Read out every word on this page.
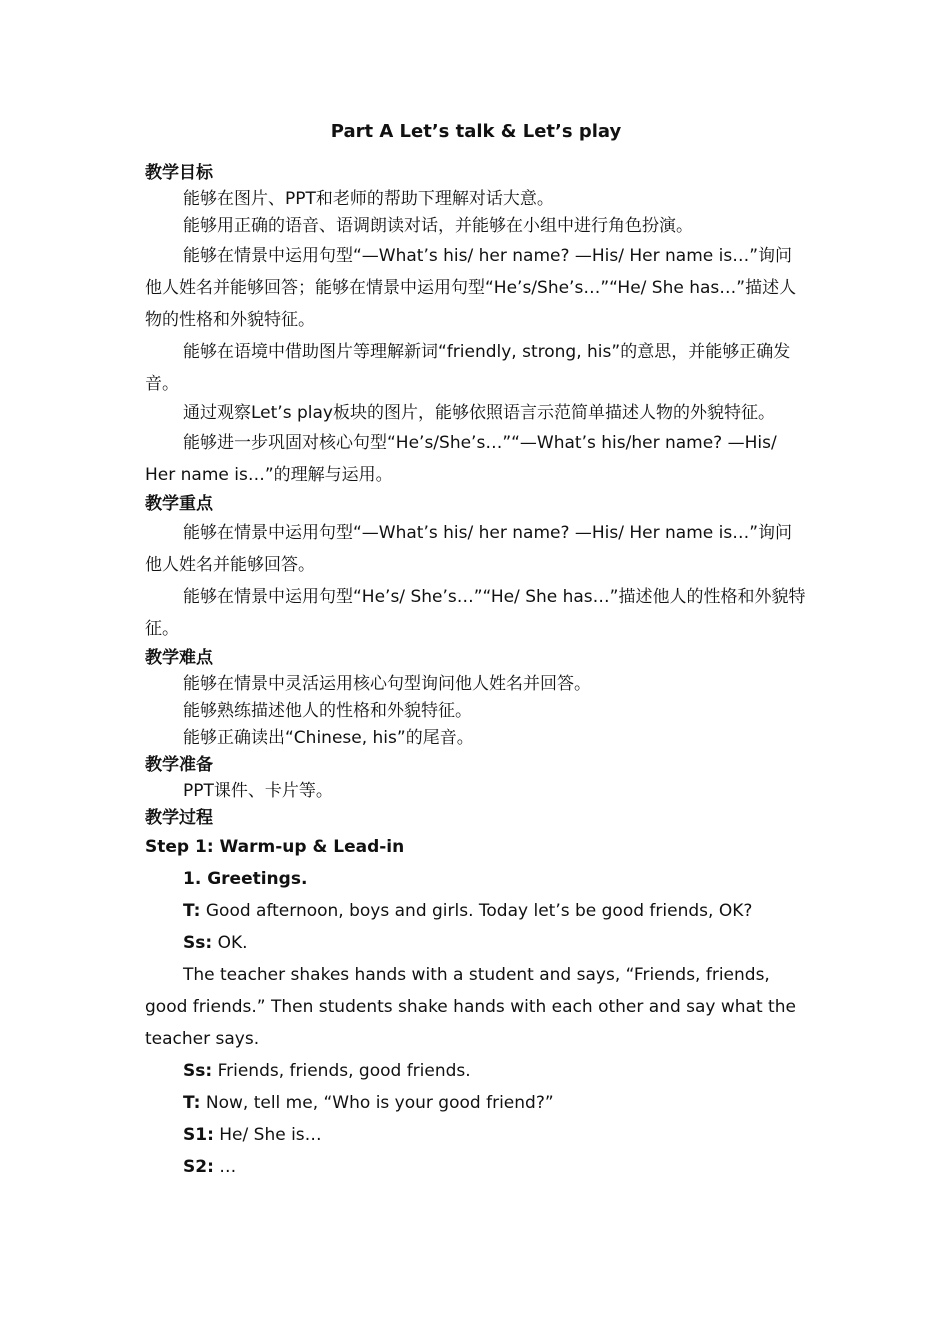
Part A Let’s talk & Let’s play
教学目标
能够在图片、PPT和老师的帮助下理解对话大意。
能够用正确的语音、语调朗读对话，并能够在小组中进行角色扮演。
能够在情景中运用句型“—What’s his/ her name? —His/ Her name is…”询问他人姓名并能够回答；能够在情景中运用句型“He’s/She’s…”“He/ She has…”描述人物的性格和外貌特征。
能够在语境中借助图片等理解新词“friendly, strong, his”的意思，并能够正确发音。
通过观察Let’s play板块的图片，能够依照语言示范简单描述人物的外貌特征。
能够进一步巩固对核心句型“He’s/She’s…”“—What’s his/her name? —His/ Her name is…”的理解与运用。
教学重点
能够在情景中运用句型“—What’s his/ her name? —His/ Her name is…”询问他人姓名并能够回答。
能够在情景中运用句型“He’s/ She’s…”“He/ She has…”描述他人的性格和外貌特征。
教学难点
能够在情景中灵活运用核心句型询问他人姓名并回答。
能够熟练描述他人的性格和外貌特征。
能够正确读出“Chinese, his”的尾音。
教学准备
PPT课件、卡片等。
教学过程
Step 1: Warm-up & Lead-in
1. Greetings.
T: Good afternoon, boys and girls. Today let’s be good friends, OK?
Ss: OK.
The teacher shakes hands with a student and says, “Friends, friends, good friends.” Then students shake hands with each other and say what the teacher says.
Ss: Friends, friends, good friends.
T: Now, tell me, “Who is your good friend?”
S1: He/ She is…
S2: …
